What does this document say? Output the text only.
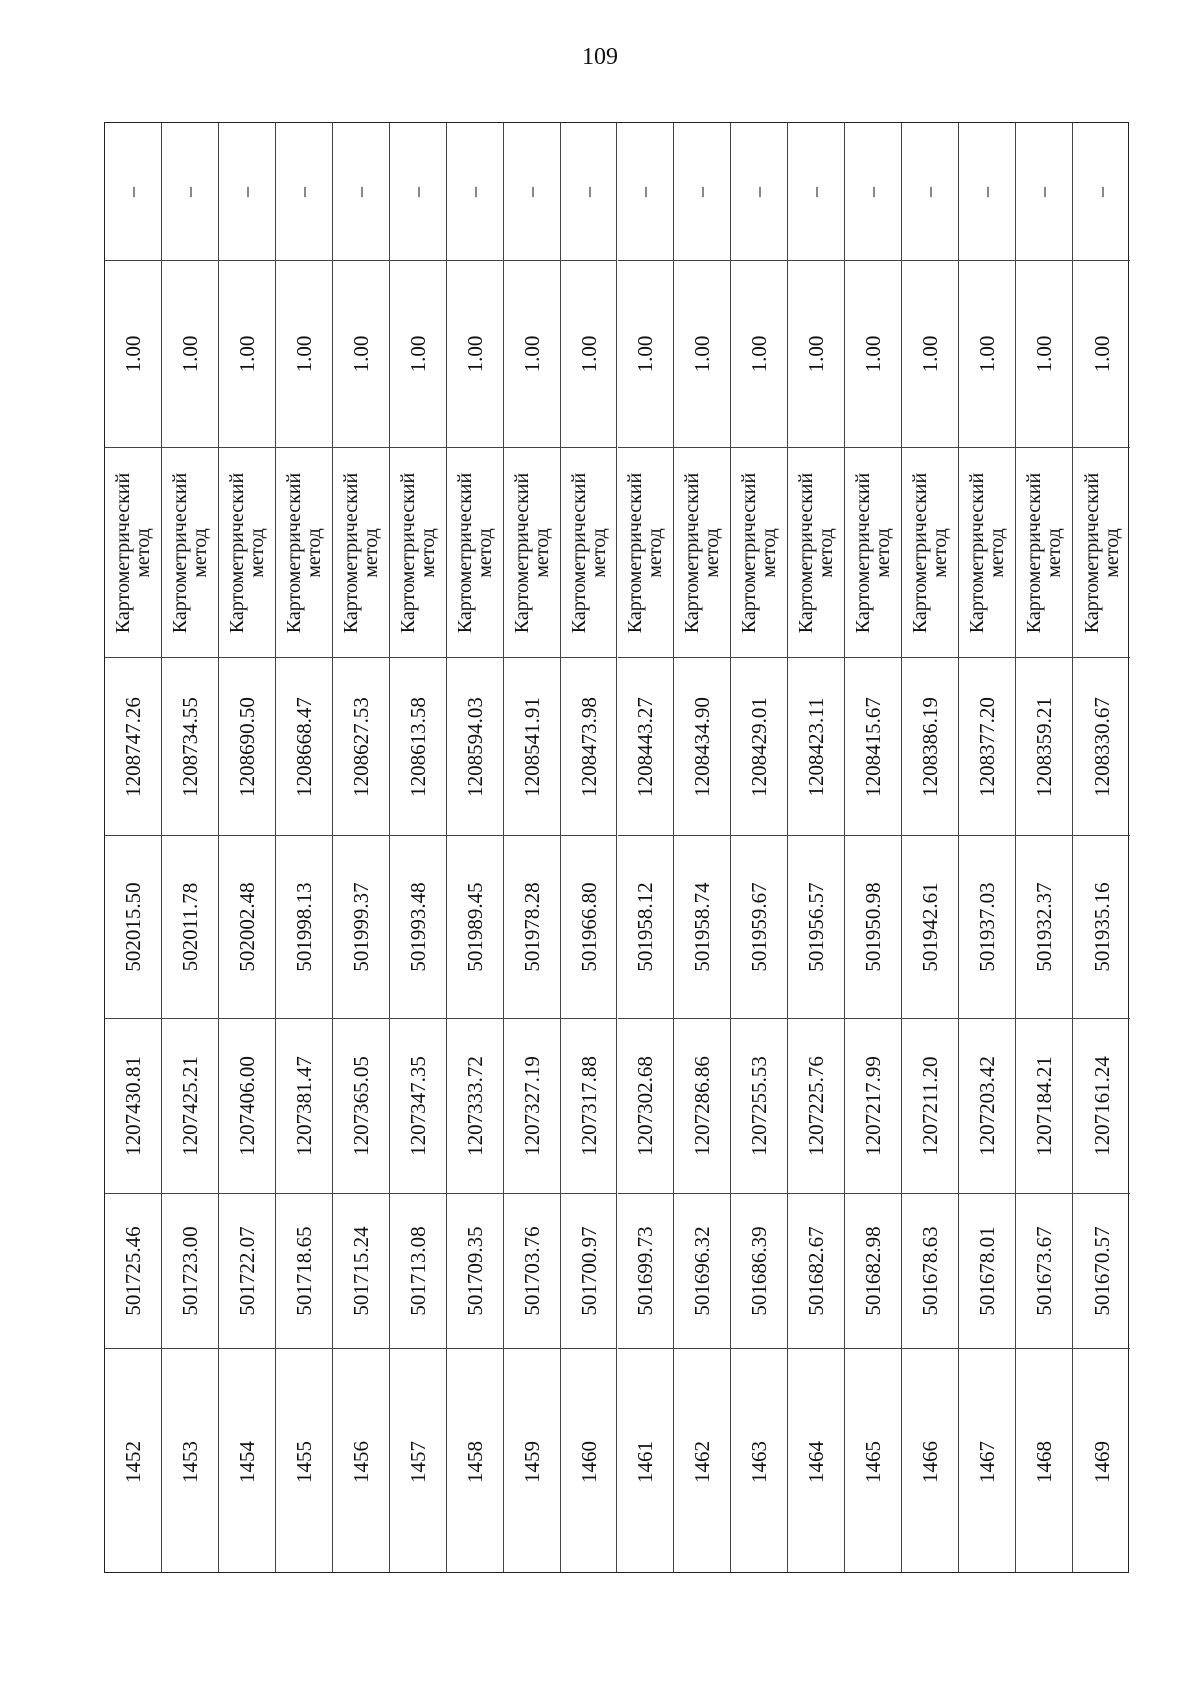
109
–
1.00
Картометрический
метод
1208747.26
502015.50
1207430.81
501725.46
1452
–
1.00
Картометрический
метод
1208734.55
502011.78
1207425.21
501723.00
1453
–
1.00
Картометрический
метод
1208690.50
502002.48
1207406.00
501722.07
1454
–
1.00
Картометрический
метод
1208668.47
501998.13
1207381.47
501718.65
1455
–
1.00
Картометрический
метод
1208627.53
501999.37
1207365.05
501715.24
1456
–
1.00
Картометрический
метод
1208613.58
501993.48
1207347.35
501713.08
1457
–
1.00
Картометрический
метод
1208594.03
501989.45
1207333.72
501709.35
1458
–
1.00
Картометрический
метод
1208541.91
501978.28
1207327.19
501703.76
1459
–
1.00
Картометрический
метод
1208473.98
501966.80
1207317.88
501700.97
1460
–
1.00
Картометрический
метод
1208443.27
501958.12
1207302.68
501699.73
1461
–
1.00
Картометрический
метод
1208434.90
501958.74
1207286.86
501696.32
1462
–
1.00
Картометрический
метод
1208429.01
501959.67
1207255.53
501686.39
1463
–
1.00
Картометрический
метод
1208423.11
501956.57
1207225.76
501682.67
1464
–
1.00
Картометрический
метод
1208415.67
501950.98
1207217.99
501682.98
1465
–
1.00
Картометрический
метод
1208386.19
501942.61
1207211.20
501678.63
1466
–
1.00
Картометрический
метод
1208377.20
501937.03
1207203.42
501678.01
1467
–
1.00
Картометрический
метод
1208359.21
501932.37
1207184.21
501673.67
1468
–
1.00
Картометрический
метод
1208330.67
501935.16
1207161.24
501670.57
1469
